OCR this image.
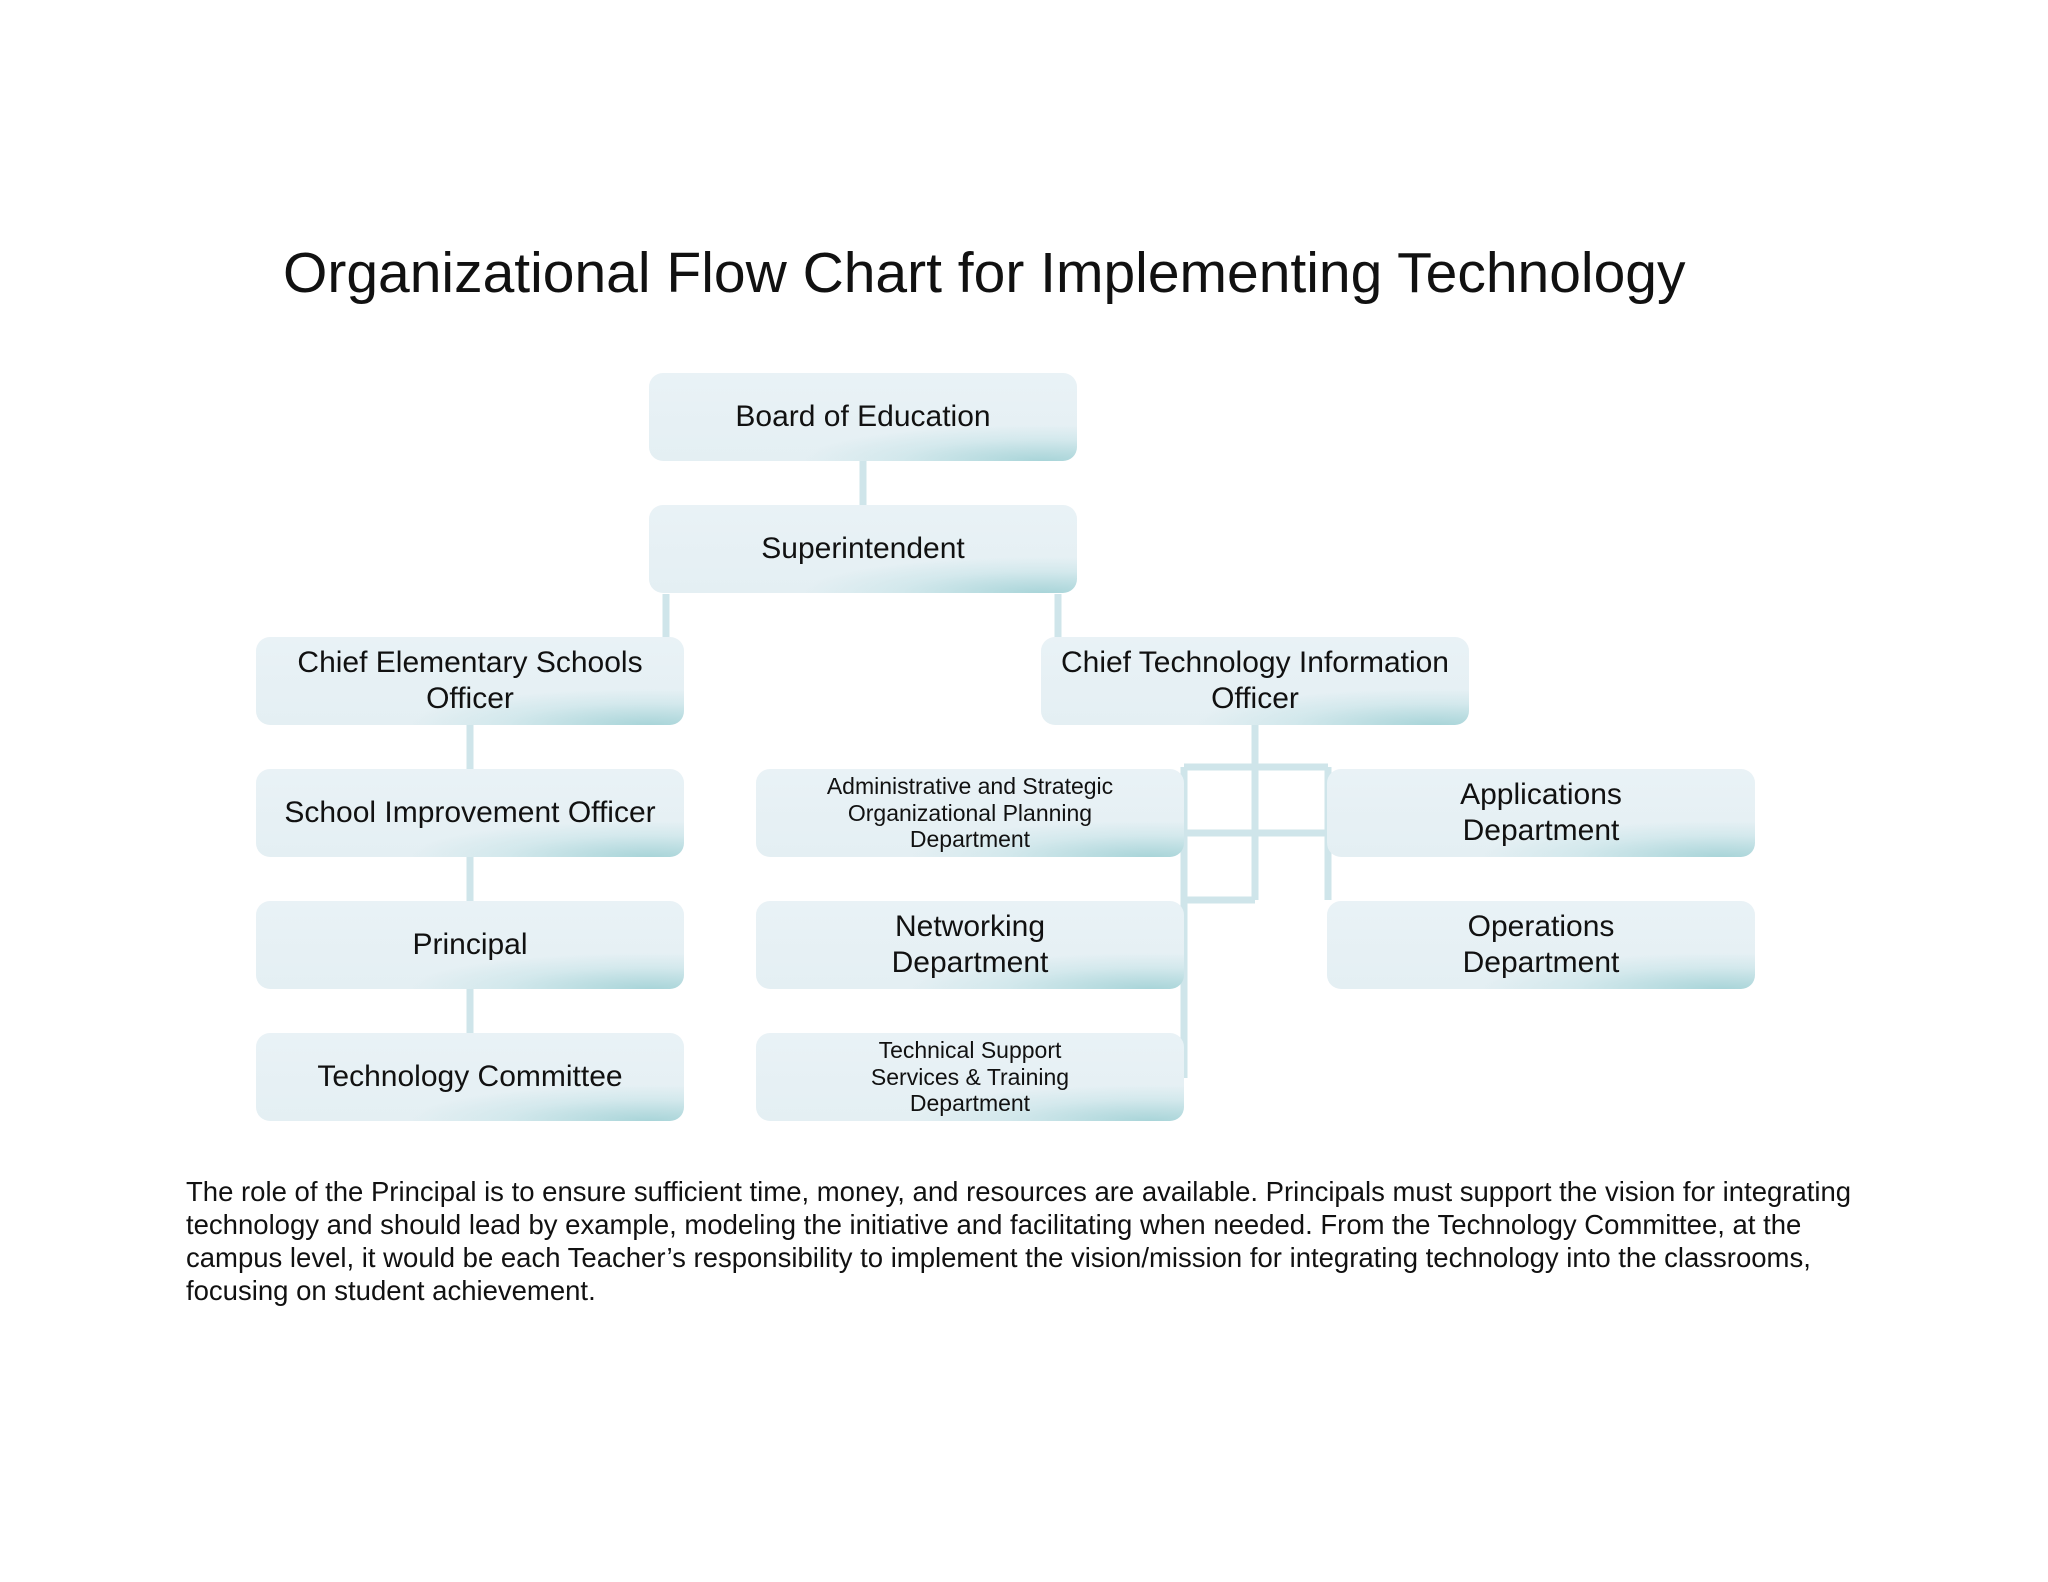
Organizational Flow Chart for Implementing Technology
Board of Education
Superintendent
Chief Elementary Schools
Officer
Chief Technology Information
Officer
School Improvement Officer
Principal
Technology Committee
Administrative and Strategic
Organizational Planning
Department
Networking
Department
Technical Support
Services & Training
Department
Applications
Department
Operations
Department

The role of the Principal is to ensure sufficient time, money, and resources are available. Principals must support the vision for integrating technology and should lead by example, modeling the initiative and facilitating when needed. From the Technology Committee, at the campus level, it would be each Teacher’s responsibility to implement the vision/mission for integrating technology into the classrooms, focusing on student achievement.
